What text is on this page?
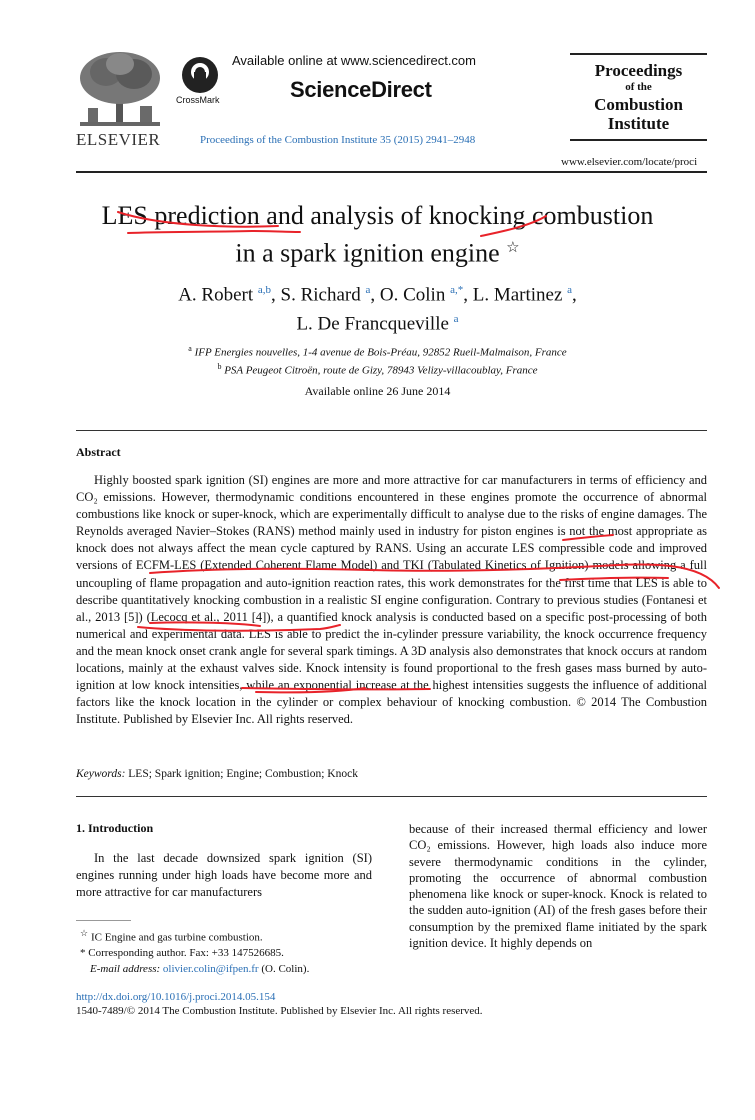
ELSEVIER
CrossMark
Available online at www.sciencedirect.com
ScienceDirect
Proceedings of the Combustion Institute 35 (2015) 2941–2948
Proceedings
of the
Combustion
Institute
www.elsevier.com/locate/proci
LES prediction and analysis of knocking combustion
in a spark ignition engine ☆
A. Robert $^{a,b}$, S. Richard $^a$, O. Colin $^{a,*}$, L. Martinez $^a$,
L. De Francqueville $^a$
$^a$ IFP Energies nouvelles, 1-4 avenue de Bois-Préau, 92852 Rueil-Malmaison, France
$^b$ PSA Peugeot Citroën, route de Gizy, 78943 Velizy-villacoublay, France
Available online 26 June 2014
Abstract
Highly boosted spark ignition (SI) engines are more and more attractive for car manufacturers in terms of efficiency and CO₂ emissions. However, thermodynamic conditions encountered in these engines promote the occurrence of abnormal combustions like knock or super-knock, which are experimentally difficult to analyse due to the risks of engine damages. The Reynolds averaged Navier–Stokes (RANS) method mainly used in industry for piston engines is not the most appropriate as knock does not always affect the mean cycle captured by RANS. Using an accurate LES compressible code and improved versions of ECFM-LES (Extended Coherent Flame Model) and TKI (Tabulated Kinetics of Ignition) models allowing a full uncoupling of flame propagation and auto-ignition reaction rates, this work demonstrates for the first time that LES is able to describe quantitatively knocking combustion in a realistic SI engine configuration. Contrary to previous studies (Fontanesi et al., 2013 [5]) (Lecocq et al., 2011 [4]), a quantified knock analysis is conducted based on a specific post-processing of both numerical and experimental data. LES is able to predict the in-cylinder pressure variability, the knock occurrence frequency and the mean knock onset crank angle for several spark timings. A 3D analysis also demonstrates that knock occurs at random locations, mainly at the exhaust valves side. Knock intensity is found proportional to the fresh gases mass burned by auto-ignition at low knock intensities, while an exponential increase at the highest intensities suggests the influence of additional factors like the knock location in the cylinder or complex behaviour of knocking combustion. © 2014 The Combustion Institute. Published by Elsevier Inc. All rights reserved.
Keywords: LES; Spark ignition; Engine; Combustion; Knock
1. Introduction
In the last decade downsized spark ignition (SI) engines running under high loads have become more and more attractive for car manufacturers
because of their increased thermal efficiency and lower CO₂ emissions. However, high loads also induce more severe thermodynamic conditions in the cylinder, promoting the occurrence of abnormal combustion phenomena like knock or super-knock. Knock is related to the sudden auto-ignition (AI) of the fresh gases before their consumption by the premixed flame initiated by the spark ignition device. It highly depends on
☆ IC Engine and gas turbine combustion.
* Corresponding author. Fax: +33 147526685.
E-mail address: olivier.colin@ifpen.fr (O. Colin).
http://dx.doi.org/10.1016/j.proci.2014.05.154
1540-7489/© 2014 The Combustion Institute. Published by Elsevier Inc. All rights reserved.
